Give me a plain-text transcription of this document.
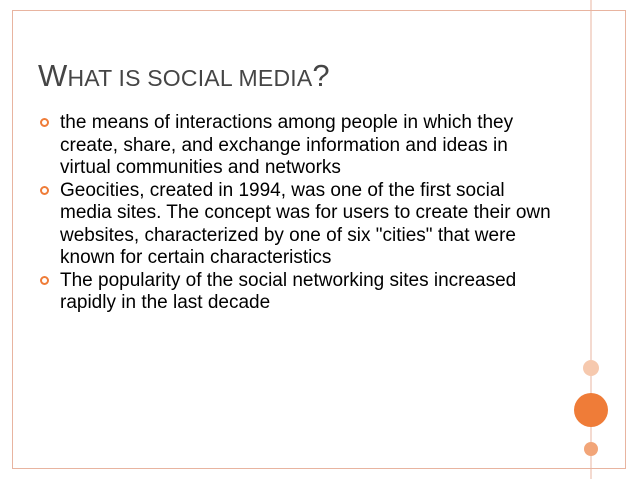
WHAT IS SOCIAL MEDIA?
the means of interactions among people in which they create, share, and exchange information and ideas in virtual communities and networks
Geocities, created in 1994, was one of the first social media sites. The concept was for users to create their own websites, characterized by one of six "cities" that were known for certain characteristics
The popularity of the social networking sites increased rapidly in the last decade
